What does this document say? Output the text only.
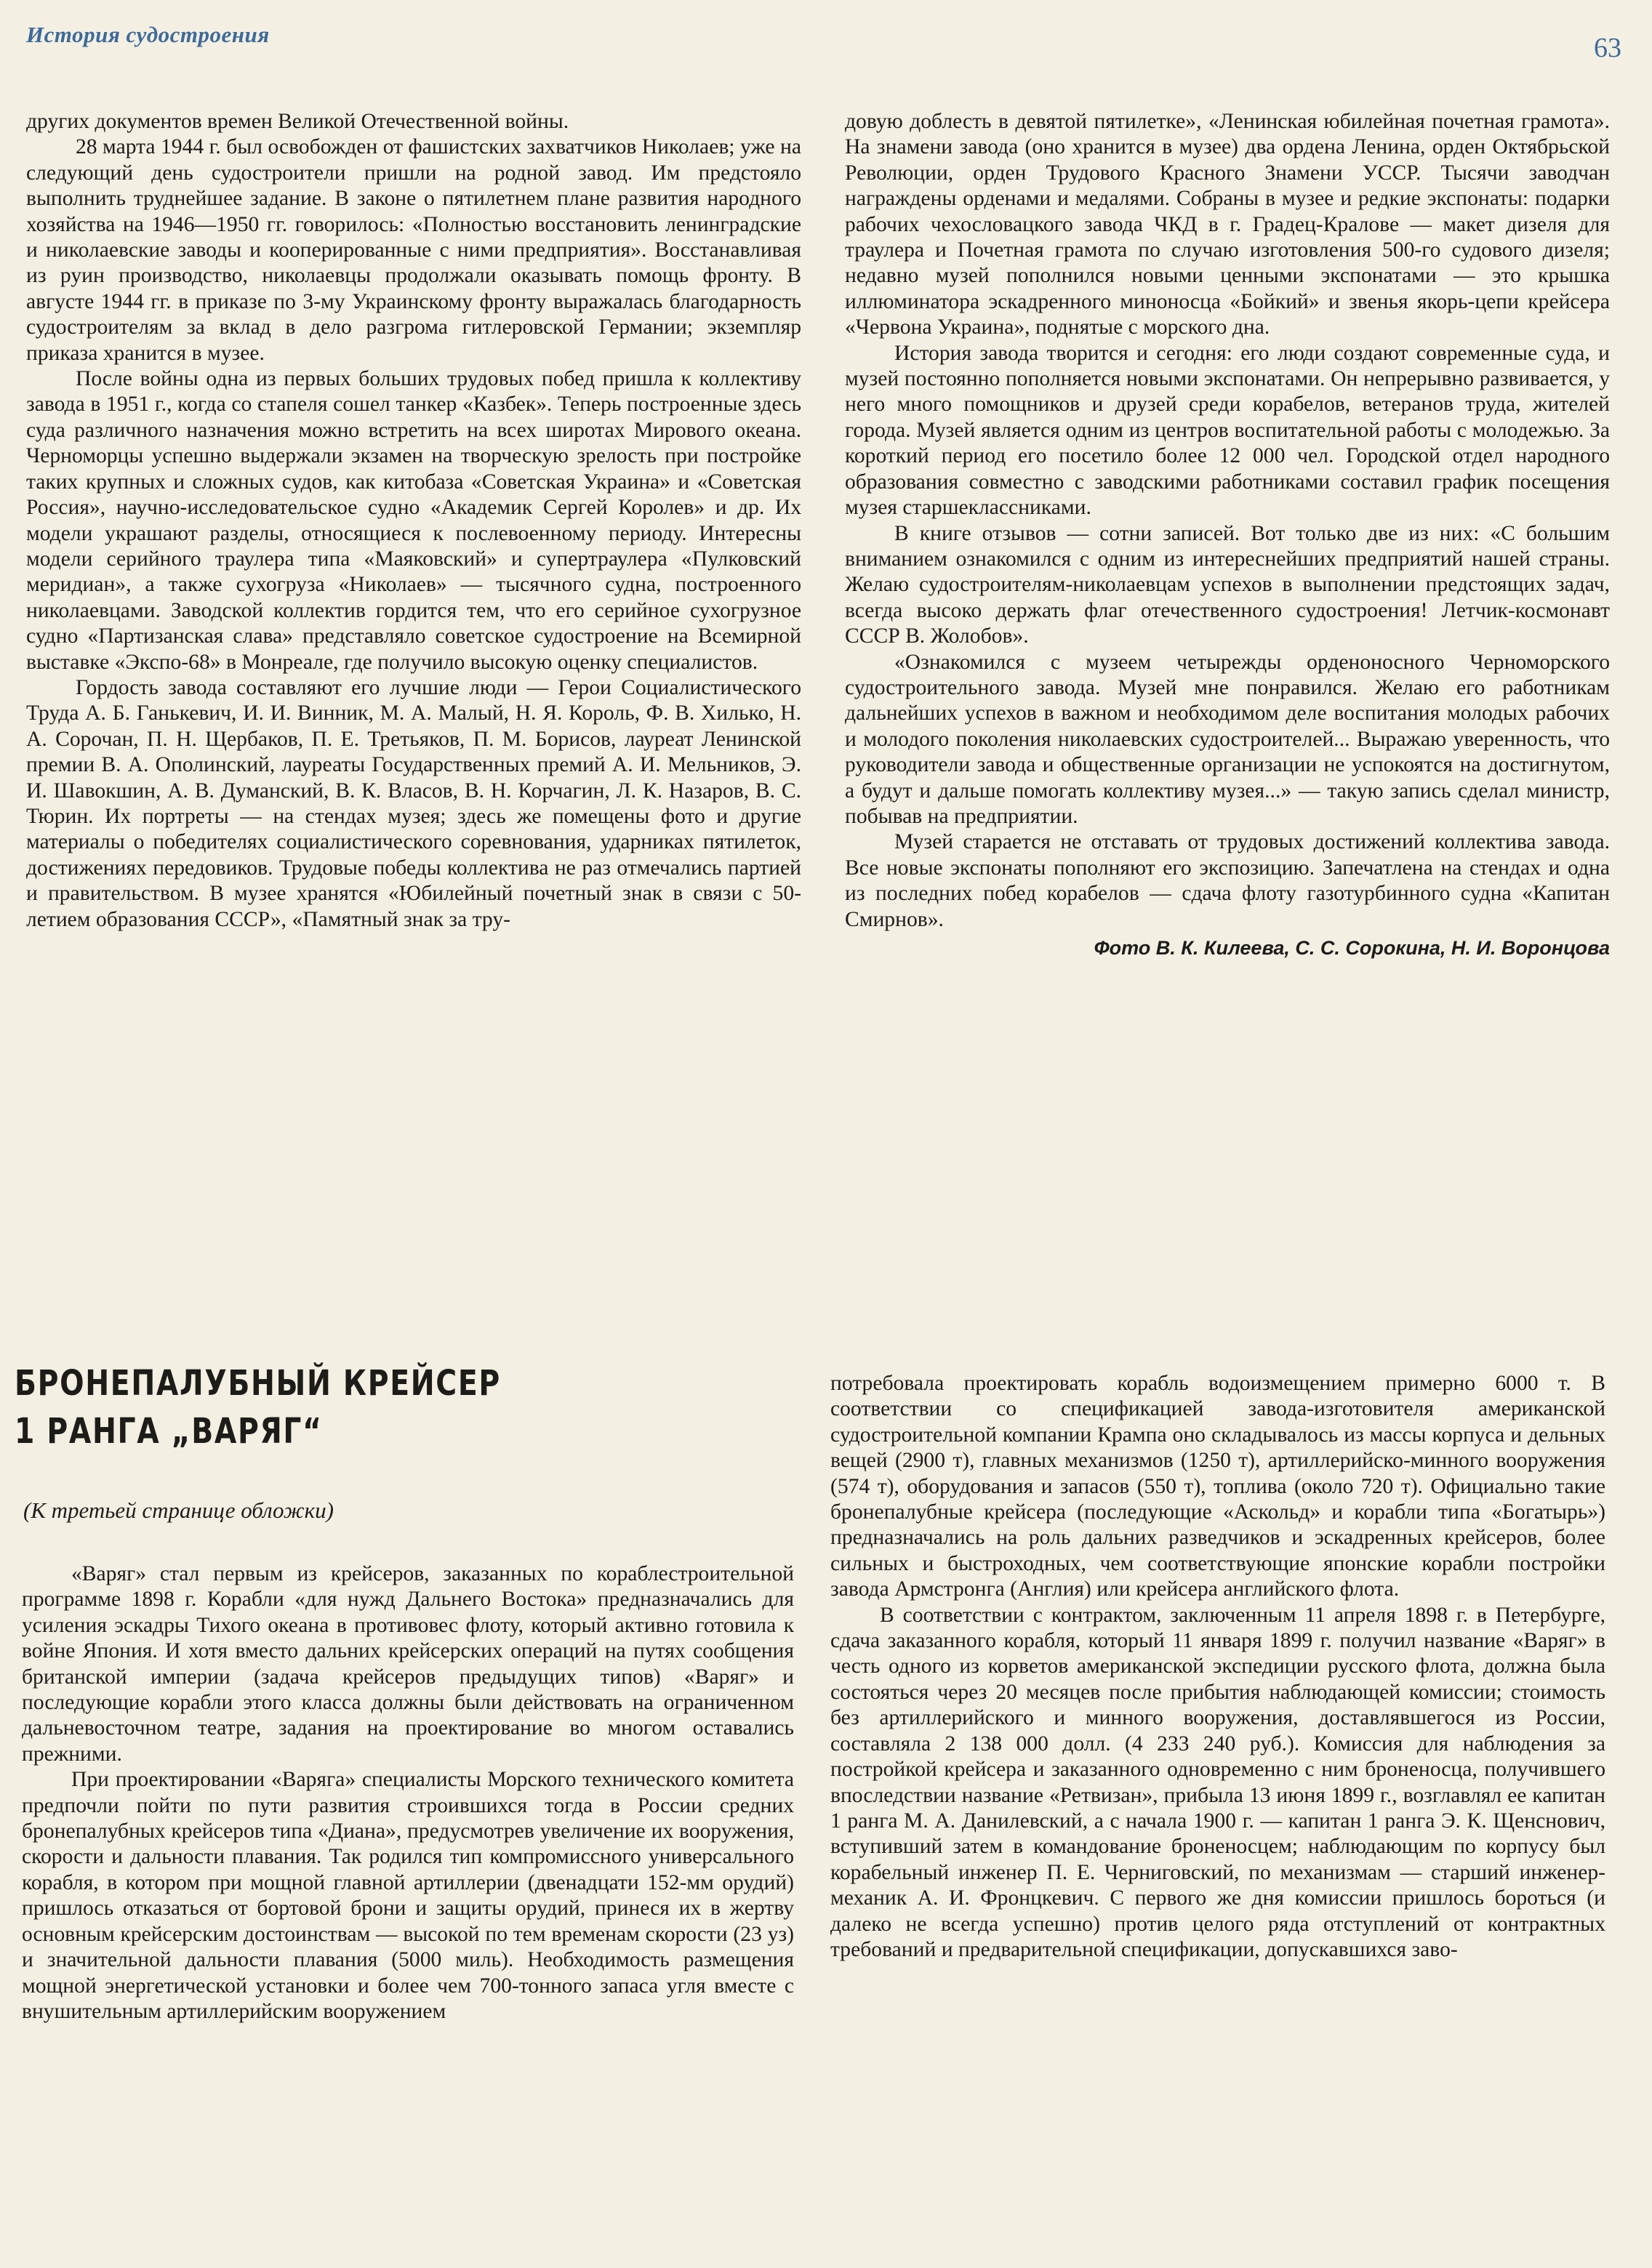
История судостроения	63

других документов времен Великой Отечественной войны.

28 марта 1944 г. был освобожден от фашистских захватчиков Николаев; уже на следующий день судостроители пришли на родной завод. Им предстояло выполнить труднейшее задание. В законе о пятилетнем плане развития народного хозяйства на 1946—1950 гг. говорилось: «Полностью восстановить ленинградские и николаевские заводы и кооперированные с ними предприятия». Восстанавливая из руин производство, николаевцы продолжали оказывать помощь фронту. В августе 1944 гг. в приказе по 3-му Украинскому фронту выражалась благодарность судостроителям за вклад в дело разгрома гитлеровской Германии; экземпляр приказа хранится в музее.

После войны одна из первых больших трудовых побед пришла к коллективу завода в 1951 г., когда со стапеля сошел танкер «Казбек». Теперь построенные здесь суда различного назначения можно встретить на всех широтах Мирового океана. Черноморцы успешно выдержали экзамен на творческую зрелость при постройке таких крупных и сложных судов, как китобаза «Советская Украина» и «Советская Россия», научно-исследовательское судно «Академик Сергей Королев» и др. Их модели украшают разделы, относящиеся к послевоенному периоду. Интересны модели серийного траулера типа «Маяковский» и супертраулера «Пулковский меридиан», а также сухогруза «Николаев» — тысячного судна, построенного николаевцами. Заводской коллектив гордится тем, что его серийное сухогрузное судно «Партизанская слава» представляло советское судостроение на Всемирной выставке «Экспо-68» в Монреале, где получило высокую оценку специалистов.

Гордость завода составляют его лучшие люди — Герои Социалистического Труда А. Б. Ганькевич, И. И. Винник, М. А. Малый, Н. Я. Король, Ф. В. Хилько, Н. А. Сорочан, П. Н. Щербаков, П. Е. Третьяков, П. М. Борисов, лауреат Ленинской премии В. А. Ополинский, лауреаты Государственных премий А. И. Мельников, Э. И. Шавокшин, А. В. Думанский, В. К. Власов, В. Н. Корчагин, Л. К. Назаров, В. С. Тюрин. Их портреты — на стендах музея; здесь же помещены фото и другие материалы о победителях социалистического соревнования, ударниках пятилеток, достижениях передовиков. Трудовые победы коллектива не раз отмечались партией и правительством. В музее хранятся «Юбилейный почетный знак в связи с 50-летием образования СССР», «Памятный знак за тру-

довую доблесть в девятой пятилетке», «Ленинская юбилейная почетная грамота». На знамени завода (оно хранится в музее) два ордена Ленина, орден Октябрьской Революции, орден Трудового Красного Знамени УССР. Тысячи заводчан награждены орденами и медалями. Собраны в музее и редкие экспонаты: подарки рабочих чехословацкого завода ЧКД в г. Градец-Кралове — макет дизеля для траулера и Почетная грамота по случаю изготовления 500-го судового дизеля; недавно музей пополнился новыми ценными экспонатами — это крышка иллюминатора эскадренного миноносца «Бойкий» и звенья якорь-цепи крейсера «Червона Украина», поднятые с морского дна.

История завода творится и сегодня: его люди создают современные суда, и музей постоянно пополняется новыми экспонатами. Он непрерывно развивается, у него много помощников и друзей среди корабелов, ветеранов труда, жителей города. Музей является одним из центров воспитательной работы с молодежью. За короткий период его посетило более 12 000 чел. Городской отдел народного образования совместно с заводскими работниками составил график посещения музея старшеклассниками.

В книге отзывов — сотни записей. Вот только две из них: «С большим вниманием ознакомился с одним из интереснейших предприятий нашей страны. Желаю судостроителям-николаевцам успехов в выполнении предстоящих задач, всегда высоко держать флаг отечественного судостроения! Летчик-космонавт СССР В. Жолобов».

«Ознакомился с музеем четырежды орденоносного Черноморского судостроительного завода. Музей мне понравился. Желаю его работникам дальнейших успехов в важном и необходимом деле воспитания молодых рабочих и молодого поколения николаевских судостроителей... Выражаю уверенность, что руководители завода и общественные организации не успокоятся на достигнутом, а будут и дальше помогать коллективу музея...» — такую запись сделал министр, побывав на предприятии.

Музей старается не отставать от трудовых достижений коллектива завода. Все новые экспонаты пополняют его экспозицию. Запечатлена на стендах и одна из последних побед корабелов — сдача флоту газотурбинного судна «Капитан Смирнов».

Фото В. К. Килеева, С. С. Сорокина, Н. И. Воронцова

БРОНЕПАЛУБНЫЙ КРЕЙСЕР
1 РАНГА „ВАРЯГ“
(К третьей странице обложки)

«Варяг» стал первым из крейсеров, заказанных по кораблестроительной программе 1898 г. Корабли «для нужд Дальнего Востока» предназначались для усиления эскадры Тихого океана в противовес флоту, который активно готовила к войне Япония. И хотя вместо дальних крейсерских операций на путях сообщения британской империи (задача крейсеров предыдущих типов) «Варяг» и последующие корабли этого класса должны были действовать на ограниченном дальневосточном театре, задания на проектирование во многом оставались прежними.

При проектировании «Варяга» специалисты Морского технического комитета предпочли пойти по пути развития строившихся тогда в России средних бронепалубных крейсеров типа «Диана», предусмотрев увеличение их вооружения, скорости и дальности плавания. Так родился тип компромиссного универсального корабля, в котором при мощной главной артиллерии (двенадцати 152-мм орудий) пришлось отказаться от бортовой брони и защиты орудий, принеся их в жертву основным крейсерским достоинствам — высокой по тем временам скорости (23 уз) и значительной дальности плавания (5000 миль). Необходимость размещения мощной энергетической установки и более чем 700-тонного запаса угля вместе с внушительным артиллерийским вооружением

потребовала проектировать корабль водоизмещением примерно 6000 т. В соответствии со спецификацией завода-изготовителя американской судостроительной компании Крампа оно складывалось из массы корпуса и дельных вещей (2900 т), главных механизмов (1250 т), артиллерийско-минного вооружения (574 т), оборудования и запасов (550 т), топлива (около 720 т). Официально такие бронепалубные крейсера (последующие «Аскольд» и корабли типа «Богатырь») предназначались на роль дальних разведчиков и эскадренных крейсеров, более сильных и быстроходных, чем соответствующие японские корабли постройки завода Армстронга (Англия) или крейсера английского флота.

В соответствии с контрактом, заключенным 11 апреля 1898 г. в Петербурге, сдача заказанного корабля, который 11 января 1899 г. получил название «Варяг» в честь одного из корветов американской экспедиции русского флота, должна была состояться через 20 месяцев после прибытия наблюдающей комиссии; стоимость без артиллерийского и минного вооружения, доставлявшегося из России, составляла 2 138 000 долл. (4 233 240 руб.). Комиссия для наблюдения за постройкой крейсера и заказанного одновременно с ним броненосца, получившего впоследствии название «Ретвизан», прибыла 13 июня 1899 г., возглавлял ее капитан 1 ранга М. А. Данилевский, а с начала 1900 г. — капитан 1 ранга Э. К. Щенснович, вступивший затем в командование броненосцем; наблюдающим по корпусу был корабельный инженер П. Е. Черниговский, по механизмам — старший инженер-механик А. И. Фронцкевич. С первого же дня комиссии пришлось бороться (и далеко не всегда успешно) против целого ряда отступлений от контрактных требований и предварительной спецификации, допускавшихся заво-
